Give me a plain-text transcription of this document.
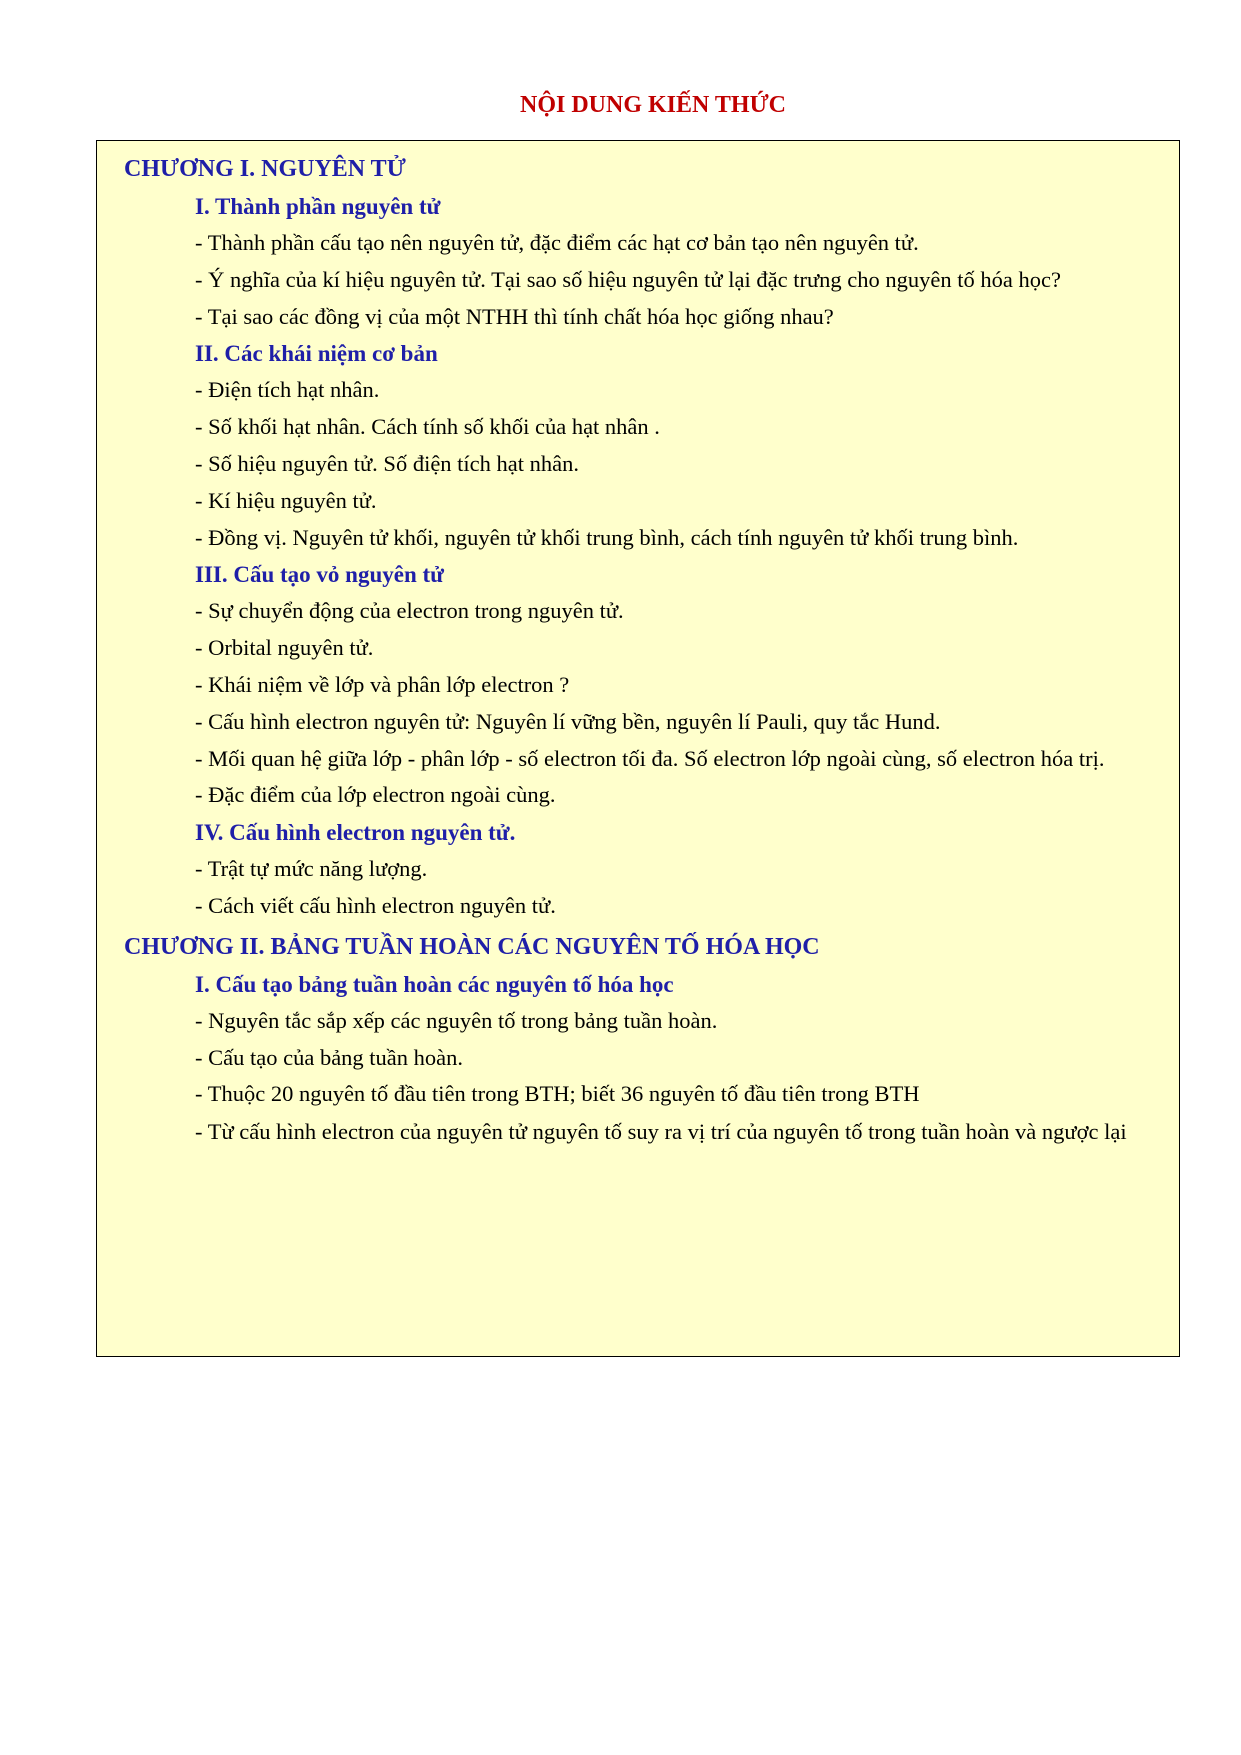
NỘI DUNG KIẾN THỨC
CHƯƠNG I. NGUYÊN TỬ
I. Thành phần nguyên tử
- Thành phần cấu tạo nên nguyên tử, đặc điểm các hạt cơ bản tạo nên nguyên tử.
- Ý nghĩa của kí hiệu nguyên tử. Tại sao số hiệu nguyên tử lại đặc trưng cho nguyên tố hóa học?
- Tại sao các đồng vị của một NTHH thì tính chất hóa học giống nhau?
II. Các khái niệm cơ bản
- Điện tích hạt nhân.
- Số khối hạt nhân. Cách tính số khối của hạt nhân .
- Số hiệu nguyên tử. Số điện tích hạt nhân.
- Kí hiệu nguyên tử.
- Đồng vị. Nguyên tử khối, nguyên tử khối trung bình, cách tính nguyên tử khối trung bình.
III. Cấu tạo vỏ nguyên tử
- Sự chuyển động của electron trong nguyên tử.
- Orbital nguyên tử.
- Khái niệm về lớp và phân lớp electron ?
- Cấu hình electron nguyên tử: Nguyên lí vững bền, nguyên lí Pauli, quy tắc Hund.
- Mối quan hệ giữa lớp - phân lớp - số electron tối đa. Số electron lớp ngoài cùng, số electron hóa trị.
- Đặc điểm của lớp electron ngoài cùng.
IV. Cấu hình electron nguyên tử.
- Trật tự mức năng lượng.
- Cách viết cấu hình electron nguyên tử.
CHƯƠNG II. BẢNG TUẦN HOÀN CÁC NGUYÊN TỐ HÓA HỌC
I. Cấu tạo bảng tuần hoàn các nguyên tố hóa học
- Nguyên tắc sắp xếp các nguyên tố trong bảng tuần hoàn.
- Cấu tạo của bảng tuần hoàn.
- Thuộc 20 nguyên tố đầu tiên trong BTH; biết 36 nguyên tố đầu tiên trong BTH
- Từ cấu hình electron của nguyên tử nguyên tố suy ra vị trí của nguyên tố trong tuần hoàn và ngược lại
